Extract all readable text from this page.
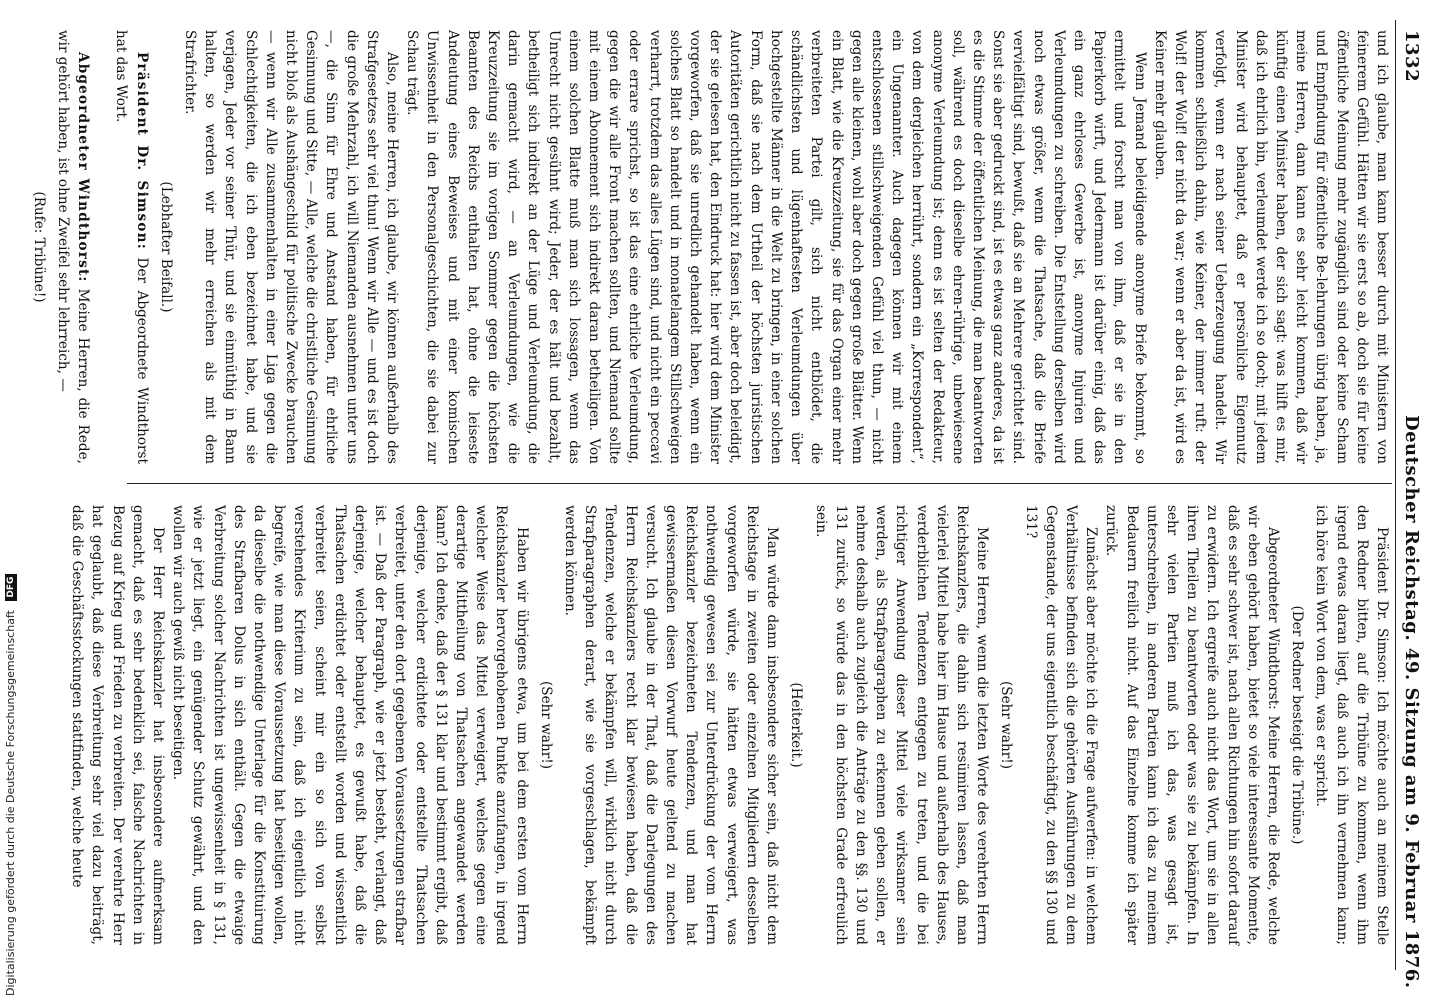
1332
Deutscher Reichstag. 49. Sitzung am 9. Februar 1876.

und ich glaube, man kann besser durch mit Ministern von feinerem Gefühl. Hätten wir sie erst so ab, doch sie für keine öffentliche Meinung mehr zugänglich sind oder keine Scham und Empfindung für öffentliche Be-lehrungen übrig haben, ja, meine Herren, dann kann es sehr leicht kommen, daß wir künftig einen Minister haben, der sich sagt: was hilft es mir, daß ich ehrlich bin, verleumdet werde ich so doch; mit jedem Minister wird behauptet, daß er persönliche Eigennutz verfolgt, wenn er nach seiner Ueberzeugung handelt. Wir kommen schließlich dahin, wie Keiner, der immer ruft: der Wolf! der Wolf! der nicht da war; wenn er aber da ist, wird es Keiner mehr glauben.

Wenn Jemand beleidigende anonyme Briefe bekommt, so ermittelt und forscht man von ihm, daß er sie in den Papierkorb wirft, und Jedermann ist darüber einig, daß das ein ganz ehrloses Gewerbe ist, anonyme Injurien und Verleumdungen zu schreiben. Die Entstellung derselben wird noch etwas größer, wenn die Thatsache, daß die Briefe vervielfältigt sind, bewußt, daß sie an Mehrere gerichtet sind. Sonst sie aber gedruckt sind, ist es etwas ganz anderes, da ist es die Stimme der öffentlichen Meinung, die man beantworten soll, während es doch dieselbe ehren-rührige, unbewiesene anonyme Verleumdung ist; denn es ist selten der Redakteur, von dem dergleichen herrührt, sondern ein „Korrespondent“, ein Ungenannter. Auch dagegen können wir mit einem entschlossenen stillschweigenden Gefühl viel thun, — nicht gegen alle kleinen, wohl aber doch gegen große Blätter. Wenn ein Blatt, wie die Kreuzzeitung, sie für das Organ einer mehr verbreiteten Partei gilt, sich nicht entblödet, die schändlichsten und lügenhaftesten Verleumdungen über hochgestellte Männer in die Welt zu bringen, in einer solchen Form, daß sie nach dem Urtheil der höchsten juristischen Autoritäten gerichtlich nicht zu fassen ist, aber doch beleidigt, der sie gelesen hat, den Eindruck hat: hier wird dem Minister vorgeworfen, daß sie unredlich gehandelt haben, wenn ein solches Blatt so handelt und in monatelangem Stillschweigen verharrt, trotzdem das alles Lügen sind, und nicht ein peccavi oder errare sprichst, so ist das eine ehrliche Verleumdung, gegen die wir alle Front machen sollten, und Niemand sollte mit einem Abonnement sich indirekt daran betheiligen. Von einem solchen Blatte muß man sich lossagen, wenn das Unrecht nicht gesühnt wird; Jeder, der es hält und bezahlt, betheiligt sich indirekt an der Lüge und Verleumdung, die darin gemacht wird, — an Verleumdungen, wie die Kreuzzeitung sie im vorigen Sommer gegen die höchsten Beamten des Reichs enthalten hat, ohne die leiseste Andeutung eines Beweises und mit einer komischen Unwissenheit in den Personalgeschichten, die sie dabei zur Schau trägt.

Also, meine Herren, ich glaube, wir können außerhalb des Strafgesetzes sehr viel thun! Wenn wir Alle — und es ist doch die große Mehrzahl, ich will Niemanden ausnehmen unter uns —, die Sinn für Ehre und Anstand haben, für ehrliche Gesinnung und Sitte, — Alle, welche die christliche Gesinnung nicht bloß als Aushängeschild für politische Zwecke brauchen — wenn wir Alle zusammenhalten in einer Liga gegen die Schlechtigkeiten, die ich eben bezeichnet habe, und sie verjagen, Jeder vor seiner Thür, und sie einmüthig in Bann halten, so werden wir mehr erreichen als mit dem Strafrichter.

(Lebhafter Beifall.)

Präsident Dr. Simson: Der Abgeordnete Windthorst hat das Wort.

Abgeordneter Windthorst: Meine Herren, die Rede, wir gehört haben, ist ohne Zweifel sehr lehrreich, —

(Rufe: Tribüne!)

Präsident Dr. Simson: Ich möchte auch an meinem Stelle den Redner bitten, auf die Tribüne zu kommen, wenn ihm irgend etwas daran liegt, daß auch ich ihn vernehmen kann; ich höre kein Wort von dem, was er spricht.

(Der Redner besteigt die Tribüne.)

Abgeordneter Windthorst: Meine Herren, die Rede, welche wir eben gehört haben, bietet so viele interessante Momente, daß es sehr schwer ist, nach allen Richtungen hin sofort darauf zu erwidern. Ich ergreife auch nicht das Wort, um sie in allen ihren Theilen zu beantworten oder was sie zu bekämpfen. In sehr vielen Partien muß ich das, was gesagt ist, unterschreiben, in anderen Partien kann ich das zu meinem Bedauern freilich nicht. Auf das Einzelne komme ich später zurück.

Zunächst aber möchte ich die Frage aufwerfen: in welchem Verhältnisse befinden sich die gehörten Ausführungen zu dem Gegenstande, der uns eigentlich beschäftigt, zu den §§ 130 und 131?

(Sehr wahr!)

Meine Herren, wenn die letzten Worte des verehrten Herrn Reichskanzlers, die dahin sich resümiren lassen, daß man vielerlei Mittel habe hier im Hause und außerhalb des Hauses, verderblichen Tendenzen entgegen zu treten, und die bei richtiger Anwendung dieser Mittel viele wirksamer sein werden, als Strafparagraphen zu erkennen geben sollen, er nehme deshalb auch zugleich die Anträge zu den §§. 130 und 131 zurück, so würde das in den höchsten Grade erfreulich sein.

(Heiterkeit.)

Man würde dann insbesondere sicher sein, daß nicht dem Reichstage in zweiten oder einzelnen Mitgliedern desselben vorgeworfen würde, sie hätten etwas verweigert, was nothwendig gewesen sei zur Unterdrückung der vom Herrn Reichskanzler bezeichneten Tendenzen, und man hat gewissermaßen diesen Vorwurf heute geltend zu machen versucht. Ich glaube in der That, daß die Darlegungen des Herrn Reichskanzlers recht klar bewiesen haben, daß die Tendenzen, welche er bekämpfen will, wirklich nicht durch Strafparagraphen derart, wie sie vorgeschlagen, bekämpft werden können.

(Sehr wahr!)

Haben wir übrigens etwa, um bei dem ersten vom Herrn Reichskanzler hervorgehobenen Punkte anzufangen, in irgend welcher Weise das Mittel verweigert, welches gegen eine derartige Mittheilung von Thatsachen angewandet werden kann? Ich denke, daß der § 131 klar und bestimmt ergibt, daß derjenige, welcher erdichtete oder entstellte Thatsachen verbreitet, unter den dort gegebenen Voraussetzungen strafbar ist. — Daß der Paragraph, wie er jetzt besteht, verlangt, daß derjenige, welcher behauptet, es gewußt habe, daß die Thatsachen erdichtet oder entstellt worden und wissentlich verbreitet seien, scheint mir ein so sich von selbst verstehendes Kriterium zu sein, daß ich eigentlich nicht begreife, wie man diese Voraussetzung hat beseitigen wollen, da dieselbe die nothwendige Unterlage für die Konstituirung des Strafbaren Dolus in sich enthält. Gegen die etwaige Verbreitung solcher Nachrichten ist ungewissenheit in § 131, wie er jetzt liegt, ein genügender Schutz gewährt, und den wollen wir auch gewiß nicht beseitigen.

Der Herr Reichskanzler hat insbesondere aufmerksam gemacht, daß es sehr bedenklich sei, falsche Nachrichten in Bezug auf Krieg und Frieden zu verbreiten. Der verehrte Herr hat geglaubt, daß diese Verbreitung sehr viel dazu beiträgt, daß die Geschäftsstockungen stattfinden, welche heute

Digitalisierung gefördert durch die Deutsche Forschungsgemeinschaft DFG
